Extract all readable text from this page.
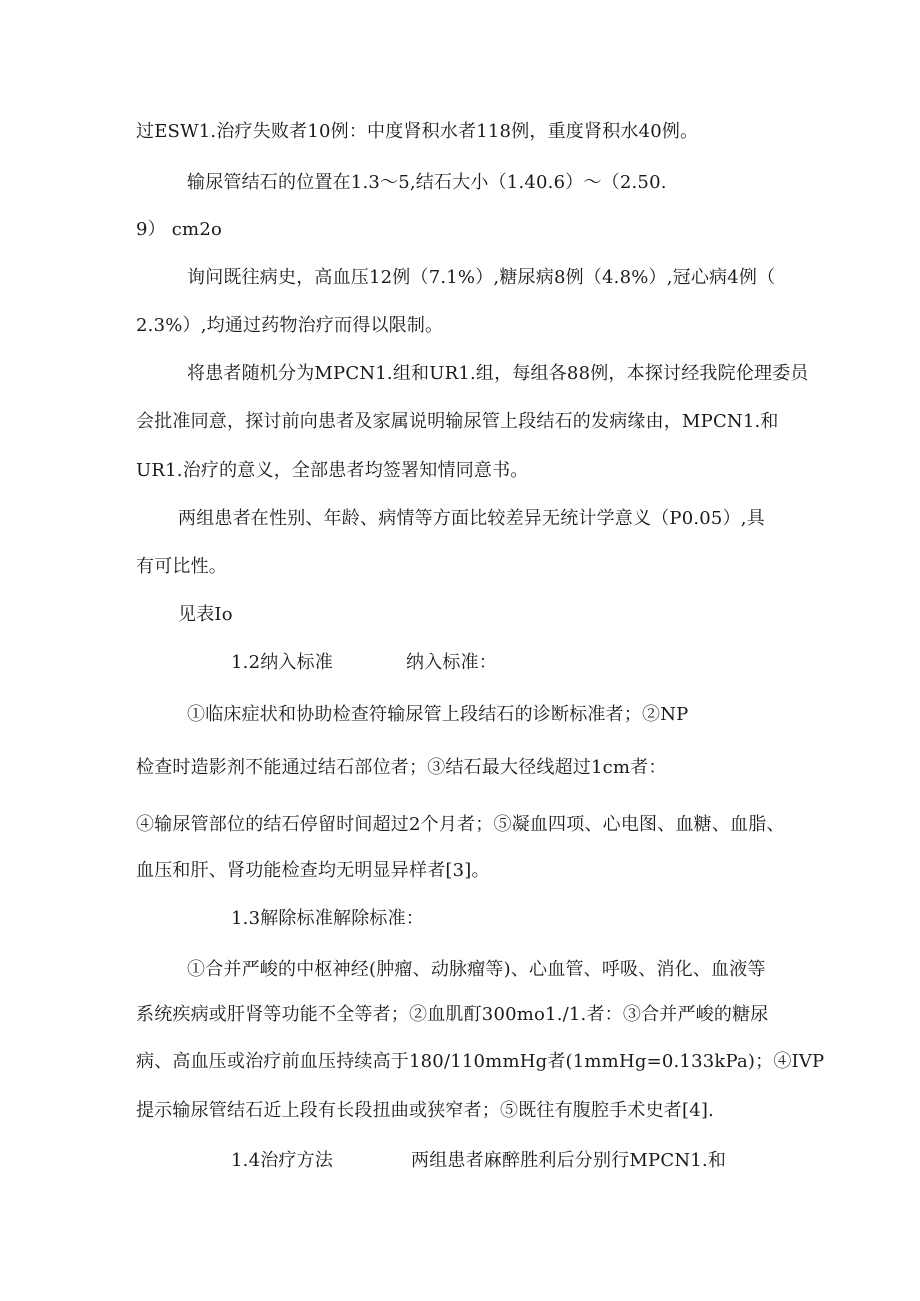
过ESW1.治疗失败者10例：中度肾积水者118例，重度肾积水40例。
输尿管结石的位置在1.3～5,结石大小（1.40.6）～（2.50.
9） cm2o
询问既往病史，高血压12例（7.1%）,糖尿病8例（4.8%）,冠心病4例（
2.3%）,均通过药物治疗而得以限制。
将患者随机分为MPCN1.组和UR1.组，每组各88例，本探讨经我院伦理委员
会批准同意，探讨前向患者及家属说明输尿管上段结石的发病缘由，MPCN1.和
UR1.治疗的意义，全部患者均签署知情同意书。
两组患者在性别、年龄、病情等方面比较差异无统计学意义（P0.05）,具
有可比性。
见表Io
1.2纳入标准	纳入标准：
①临床症状和协助检查符输尿管上段结石的诊断标准者；②NP
检查时造影剂不能通过结石部位者；③结石最大径线超过1cm者：
④输尿管部位的结石停留时间超过2个月者；⑤凝血四项、心电图、血糖、血脂、
血压和肝、肾功能检查均无明显异样者[3]。
1.3解除标准解除标准：
①合并严峻的中枢神经(肿瘤、动脉瘤等)、心血管、呼吸、消化、血液等
系统疾病或肝肾等功能不全等者；②血肌酊300mo1./1.者：③合并严峻的糖尿
病、高血压或治疗前血压持续高于180/110mmHg者(1mmHg=0.133kPa)；④IVP
提示输尿管结石近上段有长段扭曲或狭窄者；⑤既往有腹腔手术史者[4].
1.4治疗方法	两组患者麻醉胜利后分别行MPCN1.和
